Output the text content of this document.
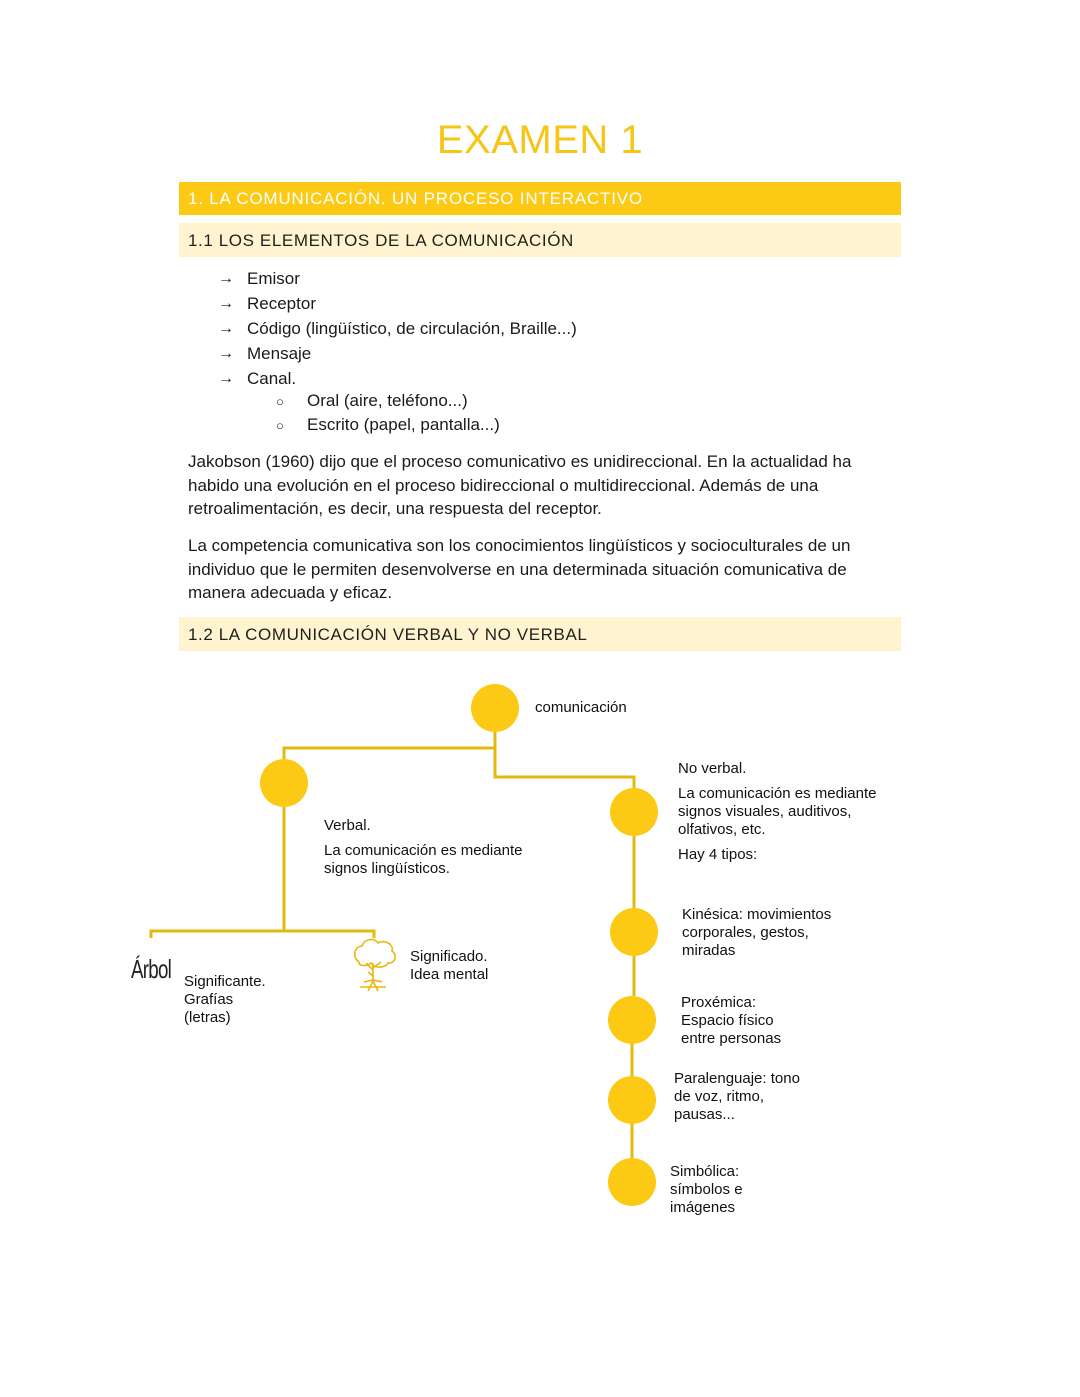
EXAMEN 1
1. LA COMUNICACIÓN. UN PROCESO INTERACTIVO
1.1 LOS ELEMENTOS DE LA COMUNICACIÓN
→ Emisor
→ Receptor
→ Código (lingüístico, de circulación, Braille...)
→ Mensaje
→ Canal.
○	Oral (aire, teléfono...)
○	Escrito (papel, pantalla...)
Jakobson (1960) dijo que el proceso comunicativo es unidireccional. En la actualidad ha
habido una evolución en el proceso bidireccional o multidireccional. Además de una
retroalimentación, es decir, una respuesta del receptor.
La competencia comunicativa son los conocimientos lingüísticos y socioculturales de un
individuo que le permiten desenvolverse en una determinada situación comunicativa de
manera adecuada y eficaz.
1.2 LA COMUNICACIÓN VERBAL Y NO VERBAL
comunicación
Verbal.
La comunicación es mediante
signos lingüísticos.
No verbal.
La comunicación es mediante
signos visuales, auditivos,
olfativos, etc.
Hay 4 tipos:
Árbol Significante.
Grafías
(letras)
Significado.
Idea mental
Kinésica: movimientos
corporales, gestos,
miradas
Proxémica:
Espacio físico
entre personas
Paralenguaje: tono
de voz, ritmo,
pausas...
Simbólica:
símbolos e
imágenes
